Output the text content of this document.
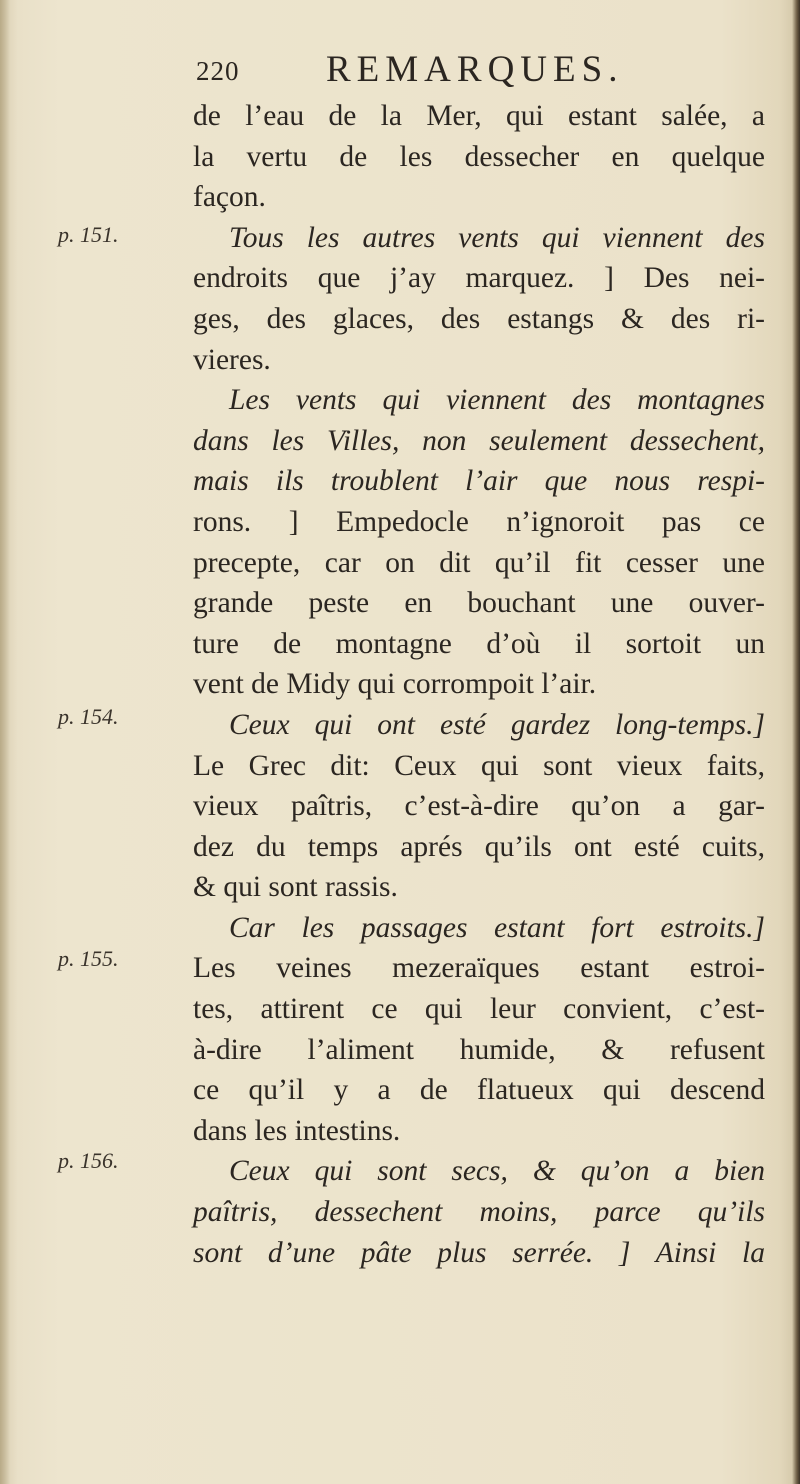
220 REMARQUES.
p. 151.
p. 154.
p. 155.
p. 156.
de l’eau de la Mer, qui estant salée, a
la vertu de les dessecher en quelque
façon.
Tous les autres vents qui viennent des
endroits que j’ay marquez. ] Des nei-
ges, des glaces, des estangs & des ri-
vieres.
Les vents qui viennent des montagnes
dans les Villes, non seulement dessechent,
mais ils troublent l’air que nous respi-
rons. ] Empedocle n’ignoroit pas ce
precepte, car on dit qu’il fit cesser une
grande peste en bouchant une ouver-
ture de montagne d’où il sortoit un
vent de Midy qui corrompoit l’air.
Ceux qui ont esté gardez long-temps.]
Le Grec dit: Ceux qui sont vieux faits,
vieux paîtris, c’est-à-dire qu’on a gar-
dez du temps aprés qu’ils ont esté cuits,
& qui sont rassis.
Car les passages estant fort estroits.]
Les veines mezeraïques estant estroi-
tes, attirent ce qui leur convient, c’est-
à-dire l’aliment humide, & refusent
ce qu’il y a de flatueux qui descend
dans les intestins.
Ceux qui sont secs, & qu’on a bien
paîtris, dessechent moins, parce qu’ils
sont d’une pâte plus serrée. ] Ainsi la
